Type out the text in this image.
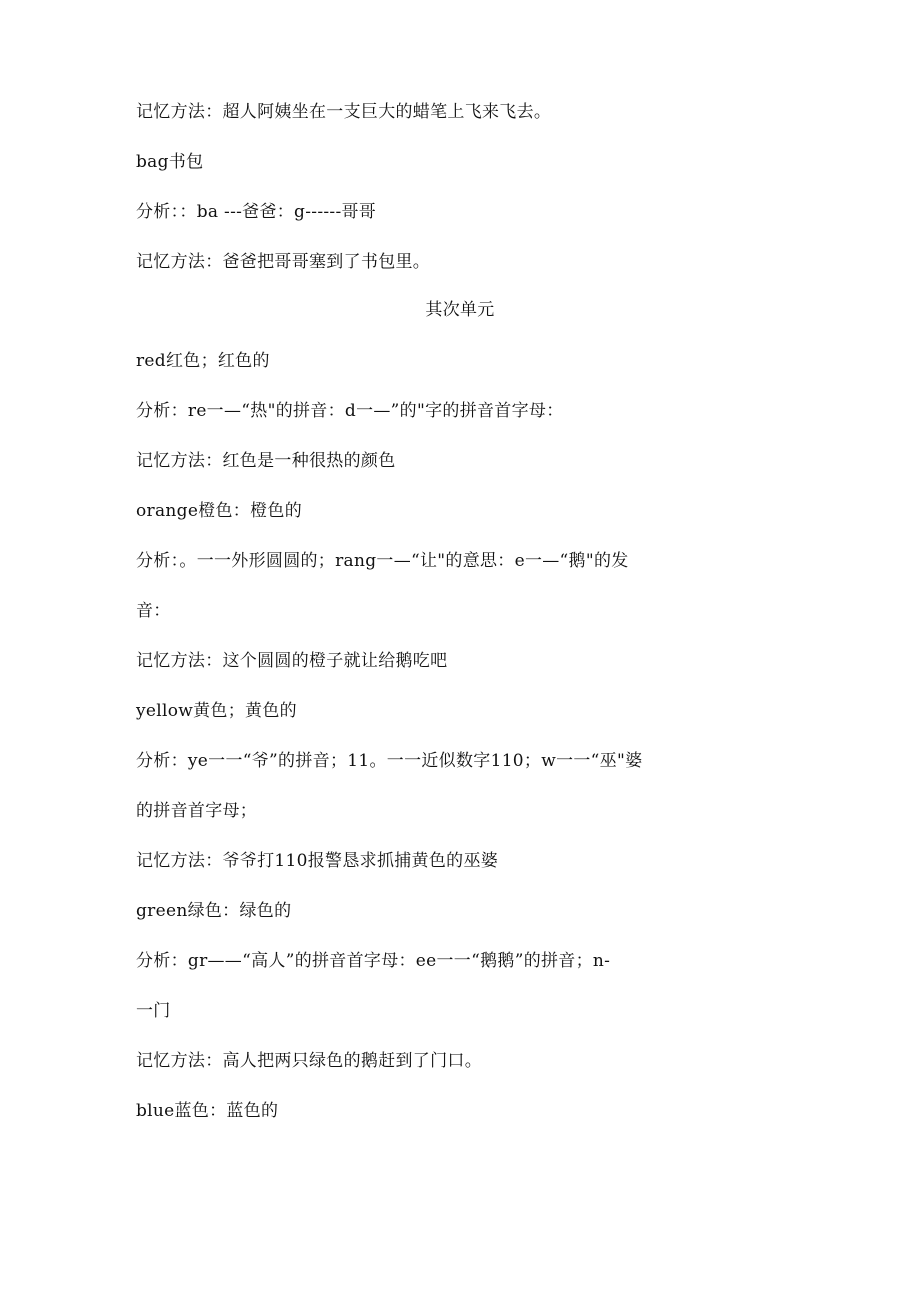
记忆方法：超人阿姨坐在一支巨大的蜡笔上飞来飞去。
bag书包
分析：：ba ---爸爸：g------哥哥
记忆方法：爸爸把哥哥塞到了书包里。
其次单元
red红色；红色的
分析：re一—“热"的拼音：d一—”的"字的拼音首字母：
记忆方法：红色是一种很热的颜色
orange橙色：橙色的
分析：。一一外形圆圆的；rang一—“让"的意思：e一—“鹅"的发
音：
记忆方法：这个圆圆的橙子就让给鹅吃吧
yellow黄色；黄色的
分析：ye一一“爷”的拼音；11。一一近似数字110；w一一“巫"婆
的拼音首字母；
记忆方法：爷爷打110报警恳求抓捕黄色的巫婆
green绿色：绿色的
分析：gr——“高人”的拼音首字母：ee一一“鹅鹅”的拼音；n-
一门
记忆方法：高人把两只绿色的鹅赶到了门口。
blue蓝色：蓝色的
